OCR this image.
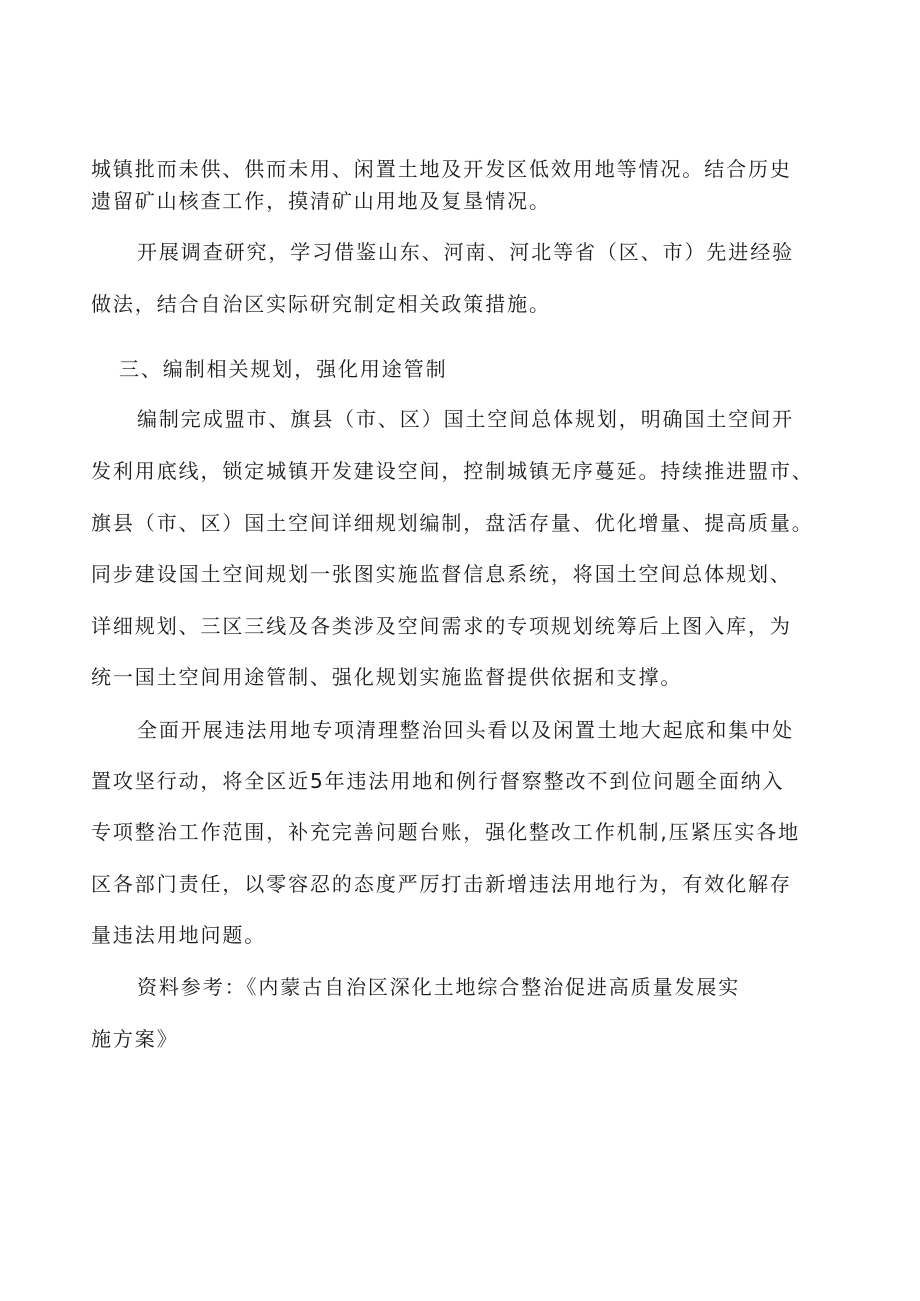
城镇批而未供、供而未用、闲置土地及开发区低效用地等情况。结合历史
遗留矿山核查工作，摸清矿山用地及复垦情况。
开展调查研究，学习借鉴山东、河南、河北等省（区、市）先进经验
做法，结合自治区实际研究制定相关政策措施。
三、编制相关规划，强化用途管制
编制完成盟市、旗县（市、区）国土空间总体规划，明确国土空间开
发利用底线，锁定城镇开发建设空间，控制城镇无序蔓延。持续推进盟市、
旗县（市、区）国土空间详细规划编制，盘活存量、优化增量、提高质量。
同步建设国土空间规划一张图实施监督信息系统，将国土空间总体规划、
详细规划、三区三线及各类涉及空间需求的专项规划统筹后上图入库，为
统一国土空间用途管制、强化规划实施监督提供依据和支撑。
全面开展违法用地专项清理整治回头看以及闲置土地大起底和集中处
置攻坚行动，将全区近5年违法用地和例行督察整改不到位问题全面纳入
专项整治工作范围，补充完善问题台账，强化整改工作机制,压紧压实各地
区各部门责任，以零容忍的态度严厉打击新增违法用地行为，有效化解存
量违法用地问题。
资料参考：《内蒙古自治区深化土地综合整治促进高质量发展实
施方案》
